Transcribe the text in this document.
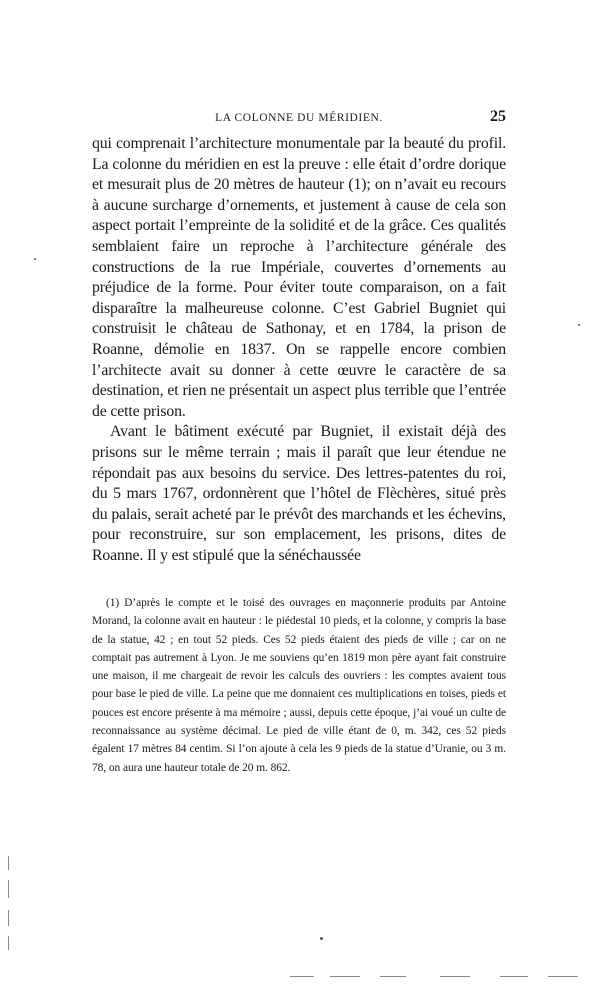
LA COLONNE DU MÉRIDIEN.	25

qui comprenait l’architecture monumentale par la beauté du profil. La colonne du méridien en est la preuve : elle était d’ordre dorique et mesurait plus de 20 mètres de hauteur (1); on n’avait eu recours à aucune surcharge d’ornements, et justement à cause de cela son aspect portait l’empreinte de la solidité et de la grâce. Ces qualités semblaient faire un reproche à l’architecture générale des constructions de la rue Impériale, couvertes d’ornements au préjudice de la forme. Pour éviter toute comparaison, on a fait disparaître la malheureuse colonne. C’est Gabriel Bugniet qui construisit le château de Sathonay, et en 1784, la prison de Roanne, démolie en 1837. On se rappelle encore combien l’architecte avait su donner à cette œuvre le caractère de sa destination, et rien ne présentait un aspect plus terrible que l’entrée de cette prison.

Avant le bâtiment exécuté par Bugniet, il existait déjà des prisons sur le même terrain ; mais il paraît que leur étendue ne répondait pas aux besoins du service. Des lettres-patentes du roi, du 5 mars 1767, ordonnèrent que l’hôtel de Flèchères, situé près du palais, serait acheté par le prévôt des marchands et les échevins, pour reconstruire, sur son emplacement, les prisons, dites de Roanne. Il y est stipulé que la sénéchaussée

(1) D’après le compte et le toisé des ouvrages en maçonnerie produits par Antoine Morand, la colonne avait en hauteur : le piédestal 10 pieds, et la colonne, y compris la base de la statue, 42 ; en tout 52 pieds. Ces 52 pieds étaient des pieds de ville ; car on ne comptait pas autrement à Lyon. Je me souviens qu’en 1819 mon père ayant fait construire une maison, il me chargeait de revoir les calculs des ouvriers : les comptes avaient tous pour base le pied de ville. La peine que me donnaient ces multiplications en toises, pieds et pouces est encore présente à ma mémoire ; aussi, depuis cette époque, j’ai voué un culte de reconnaissance au système décimal. Le pied de ville étant de 0, m. 342, ces 52 pieds égalent 17 mètres 84 centim. Si l’on ajoute à cela les 9 pieds de la statue d’Uranie, ou 3 m. 78, on aura une hauteur totale de 20 m. 862.
